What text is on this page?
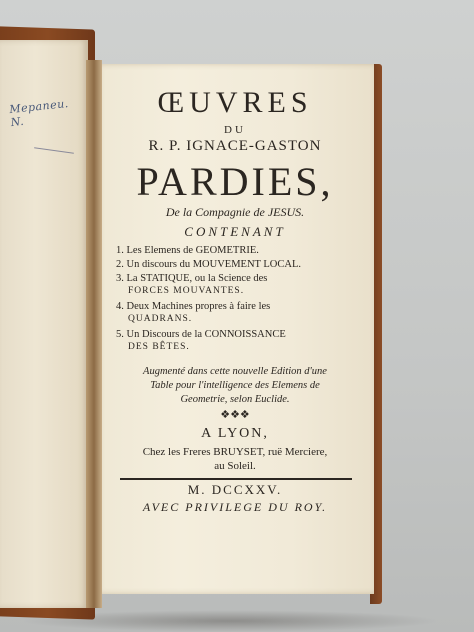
Mepaneu. N.
ŒUVRES
DU
R. P. IGNACE-GASTON
PARDIES,
De la Compagnie de JESUS.
CONTENANT
1. Les Elemens de GEOMETRIE.
2. Un discours du MOUVEMENT LOCAL.
3. La STATIQUE, ou la Science des
FORCES MOUVANTES.
4. Deux Machines propres à faire les
QUADRANS.
5. Un Discours de la CONNOISSANCE
DES BÊTES.
Augmenté dans cette nouvelle Edition d'une
Table pour l'intelligence des Elemens de
Geometrie, selon Euclide.
❖❖❖
A LYON,
Chez les Freres BRUYSET, ruë Merciere,
au Soleil.
M. DCCXXV.
AVEC PRIVILEGE DU ROY.
